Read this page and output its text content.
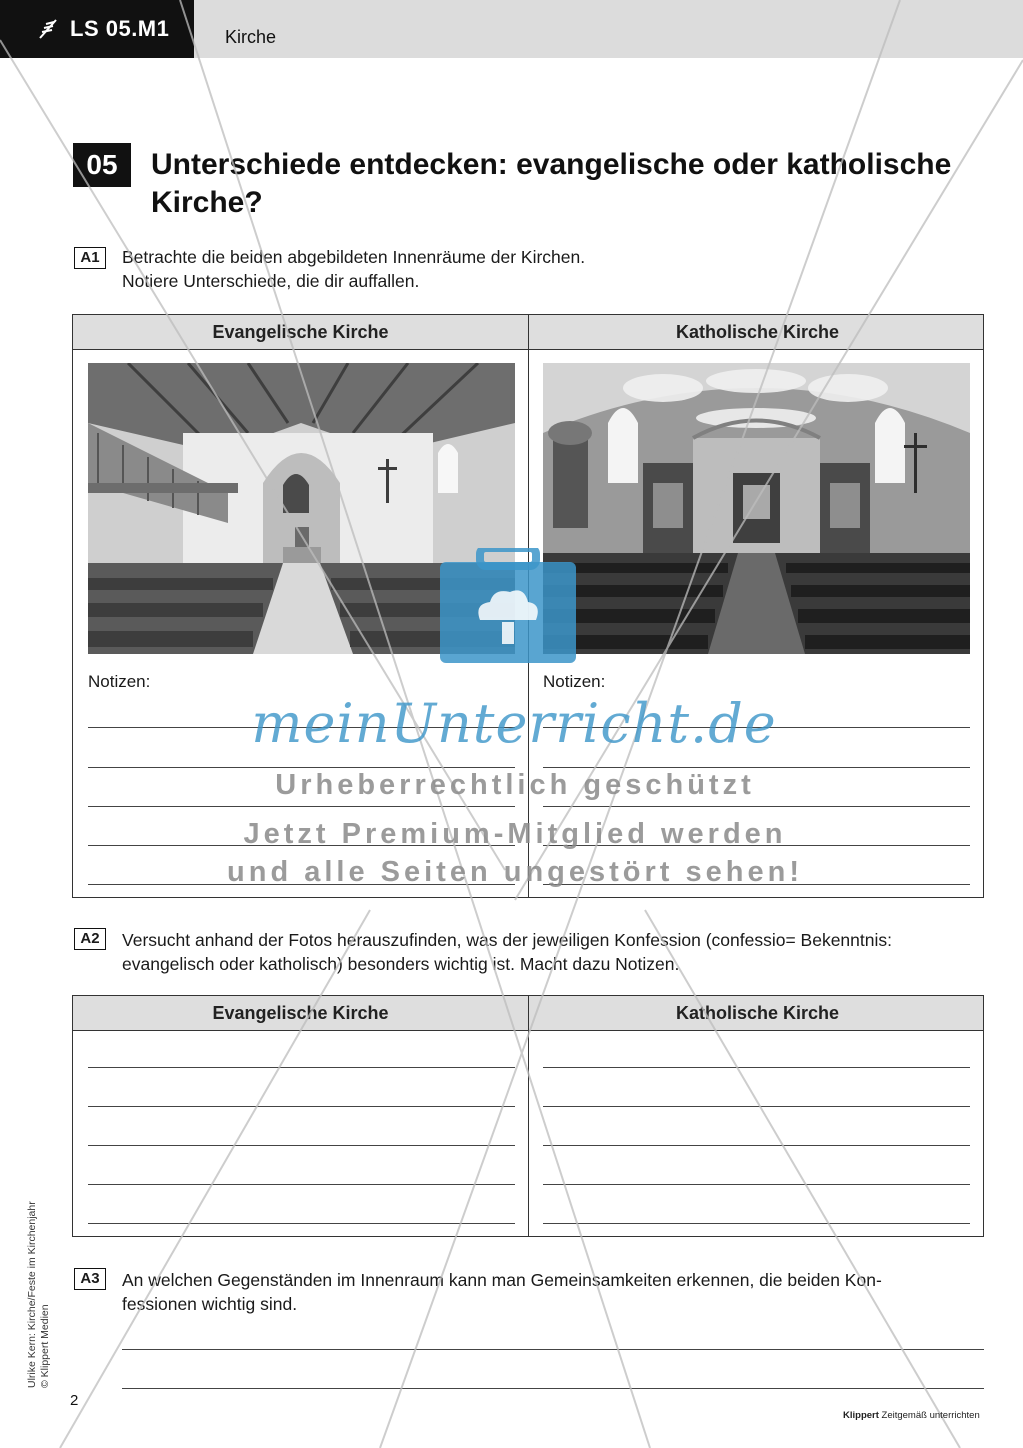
LS 05.M1	Kirche
05	Unterschiede entdecken: evangelische oder katholische
Kirche?
A1	Betrachte die beiden abgebildeten Innenräume der Kirchen.
Notiere Unterschiede, die dir auffallen.
Evangelische Kirche	Katholische Kirche
Notizen:	Notizen:
A2	Versucht anhand der Fotos herauszufinden, was der jeweiligen Konfession (confessio= Bekenntnis:
evangelisch oder katholisch) besonders wichtig ist. Macht dazu Notizen.
Evangelische Kirche	Katholische Kirche
A3	An welchen Gegenständen im Innenraum kann man Gemeinsamkeiten erkennen, die beiden Kon-
fessionen wichtig sind.
meinUnterricht.de
Urheberrechtlich geschützt
Jetzt Premium-Mitglied werden
und alle Seiten ungestört sehen!
Ulrike Kern: Kirche/Feste im Kirchenjahr © Klippert Medien
2
Klippert Zeitgemäß unterrichten
